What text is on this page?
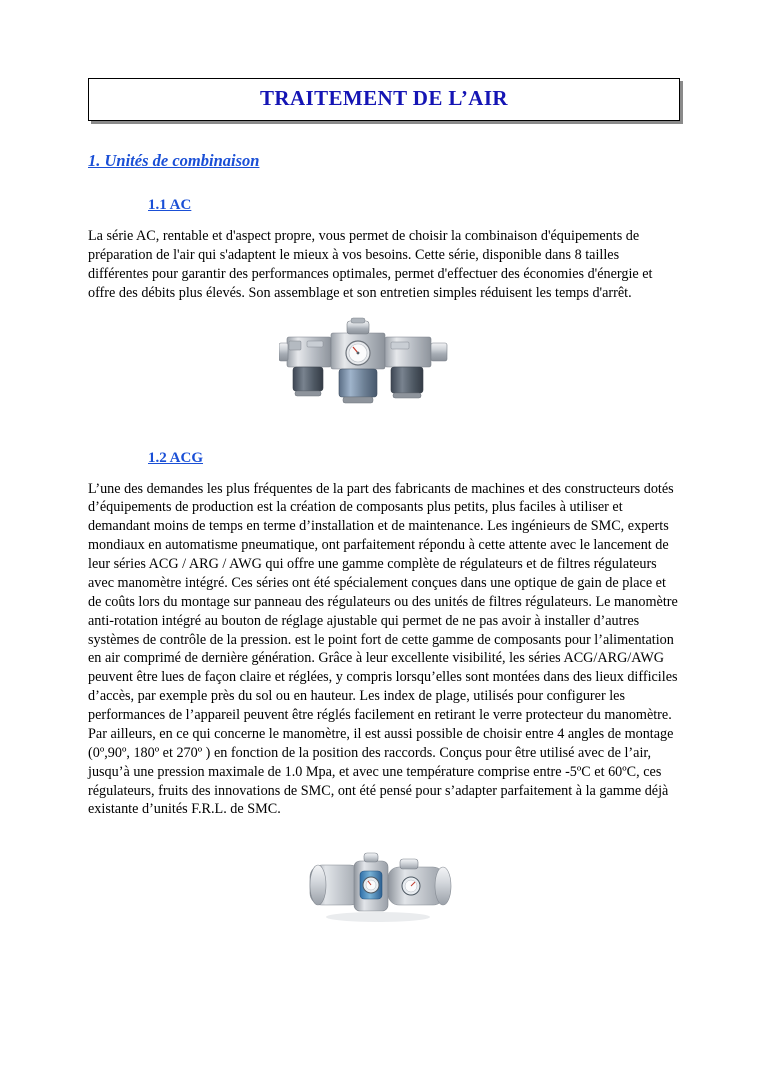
TRAITEMENT DE L’AIR
1. Unités de combinaison
1.1 AC

La série AC, rentable et d'aspect propre, vous permet de choisir la combinaison d'équipements de préparation de l'air qui s'adaptent le mieux à vos besoins. Cette série, disponible dans 8 tailles différentes pour garantir des performances optimales, permet d'effectuer des économies d'énergie et offre des débits plus élevés. Son assemblage et son entretien simples réduisent les temps d'arrêt.

1.2 ACG

L’une des demandes les plus fréquentes de la part des fabricants de machines et des constructeurs dotés d’équipements de production est la création de composants plus petits, plus faciles à utiliser et demandant moins de temps en terme d’installation et de maintenance. Les ingénieurs de SMC, experts mondiaux en automatisme pneumatique, ont parfaitement répondu à cette attente avec le lancement de leur séries ACG / ARG / AWG qui offre une gamme complète de régulateurs et de filtres régulateurs avec manomètre intégré. Ces séries ont été spécialement conçues dans une optique de gain de place et de coûts lors du montage sur panneau des régulateurs ou des unités de filtres régulateurs. Le manomètre anti-rotation intégré au bouton de réglage ajustable qui permet de ne pas avoir à installer d’autres systèmes de contrôle de la pression. est le point fort de cette gamme de composants pour l’alimentation en air comprimé de dernière génération. Grâce à leur excellente visibilité, les séries ACG/ARG/AWG peuvent être lues de façon claire et réglées, y compris lorsqu’elles sont montées dans des lieux difficiles d’accès, par exemple près du sol ou en hauteur. Les index de plage, utilisés pour configurer les performances de l’appareil peuvent être réglés facilement en retirant le verre protecteur du manomètre. Par ailleurs, en ce qui concerne le manomètre, il est aussi possible de choisir entre 4 angles de montage (0º,90º, 180º et 270º ) en fonction de la position des raccords. Conçus pour être utilisé avec de l’air, jusqu’à une pression maximale de 1.0 Mpa, et avec une température comprise entre -5ºC et 60ºC, ces régulateurs, fruits des innovations de SMC, ont été pensé pour s’adapter parfaitement à la gamme déjà existante d’unités F.R.L. de SMC.
